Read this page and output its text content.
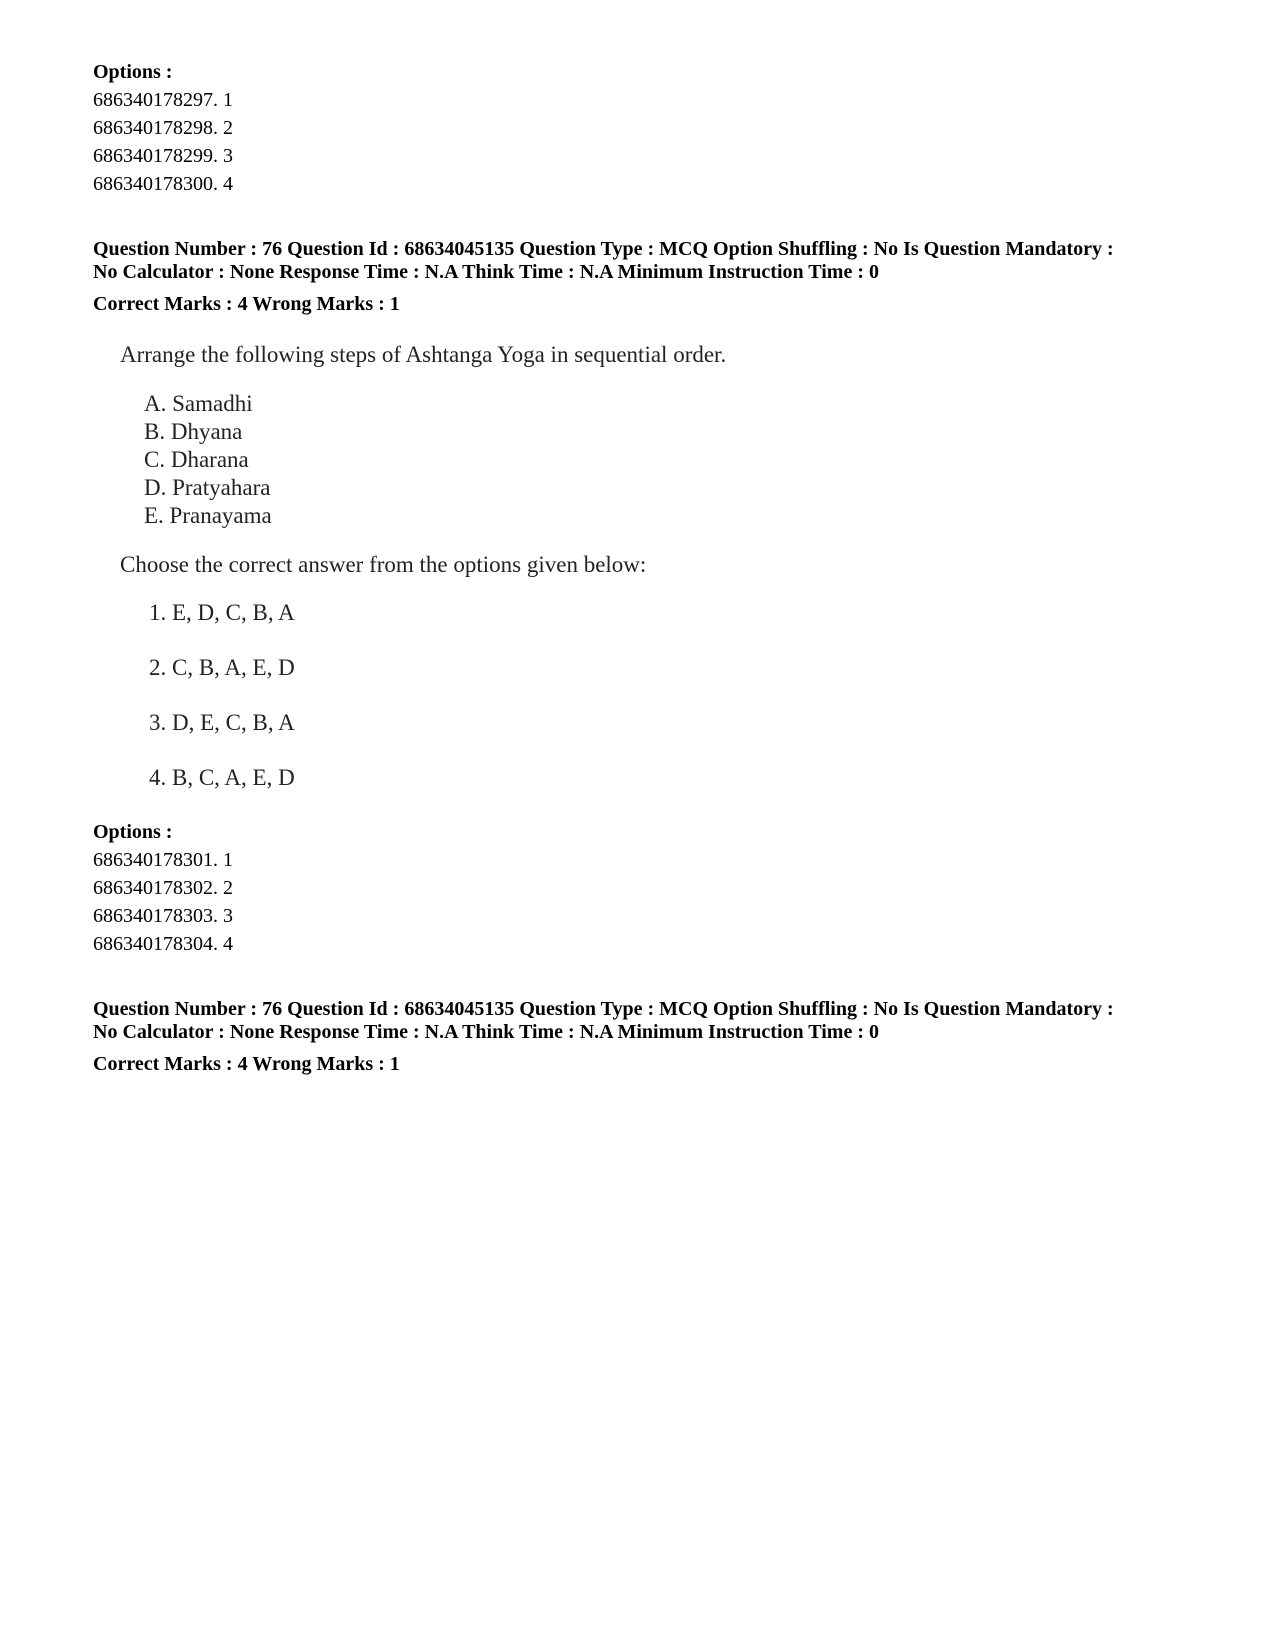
Options :
686340178297. 1
686340178298. 2
686340178299. 3
686340178300. 4
Question Number : 76 Question Id : 68634045135 Question Type : MCQ Option Shuffling : No Is Question Mandatory :
No Calculator : None Response Time : N.A Think Time : N.A Minimum Instruction Time : 0
Correct Marks : 4 Wrong Marks : 1
Arrange the following steps of Ashtanga Yoga in sequential order.
A. Samadhi
B. Dhyana
C. Dharana
D. Pratyahara
E. Pranayama
Choose the correct answer from the options given below:
1. E, D, C, B, A
2. C, B, A, E, D
3. D, E, C, B, A
4. B, C, A, E, D
Options :
686340178301. 1
686340178302. 2
686340178303. 3
686340178304. 4
Question Number : 76 Question Id : 68634045135 Question Type : MCQ Option Shuffling : No Is Question Mandatory :
No Calculator : None Response Time : N.A Think Time : N.A Minimum Instruction Time : 0
Correct Marks : 4 Wrong Marks : 1
